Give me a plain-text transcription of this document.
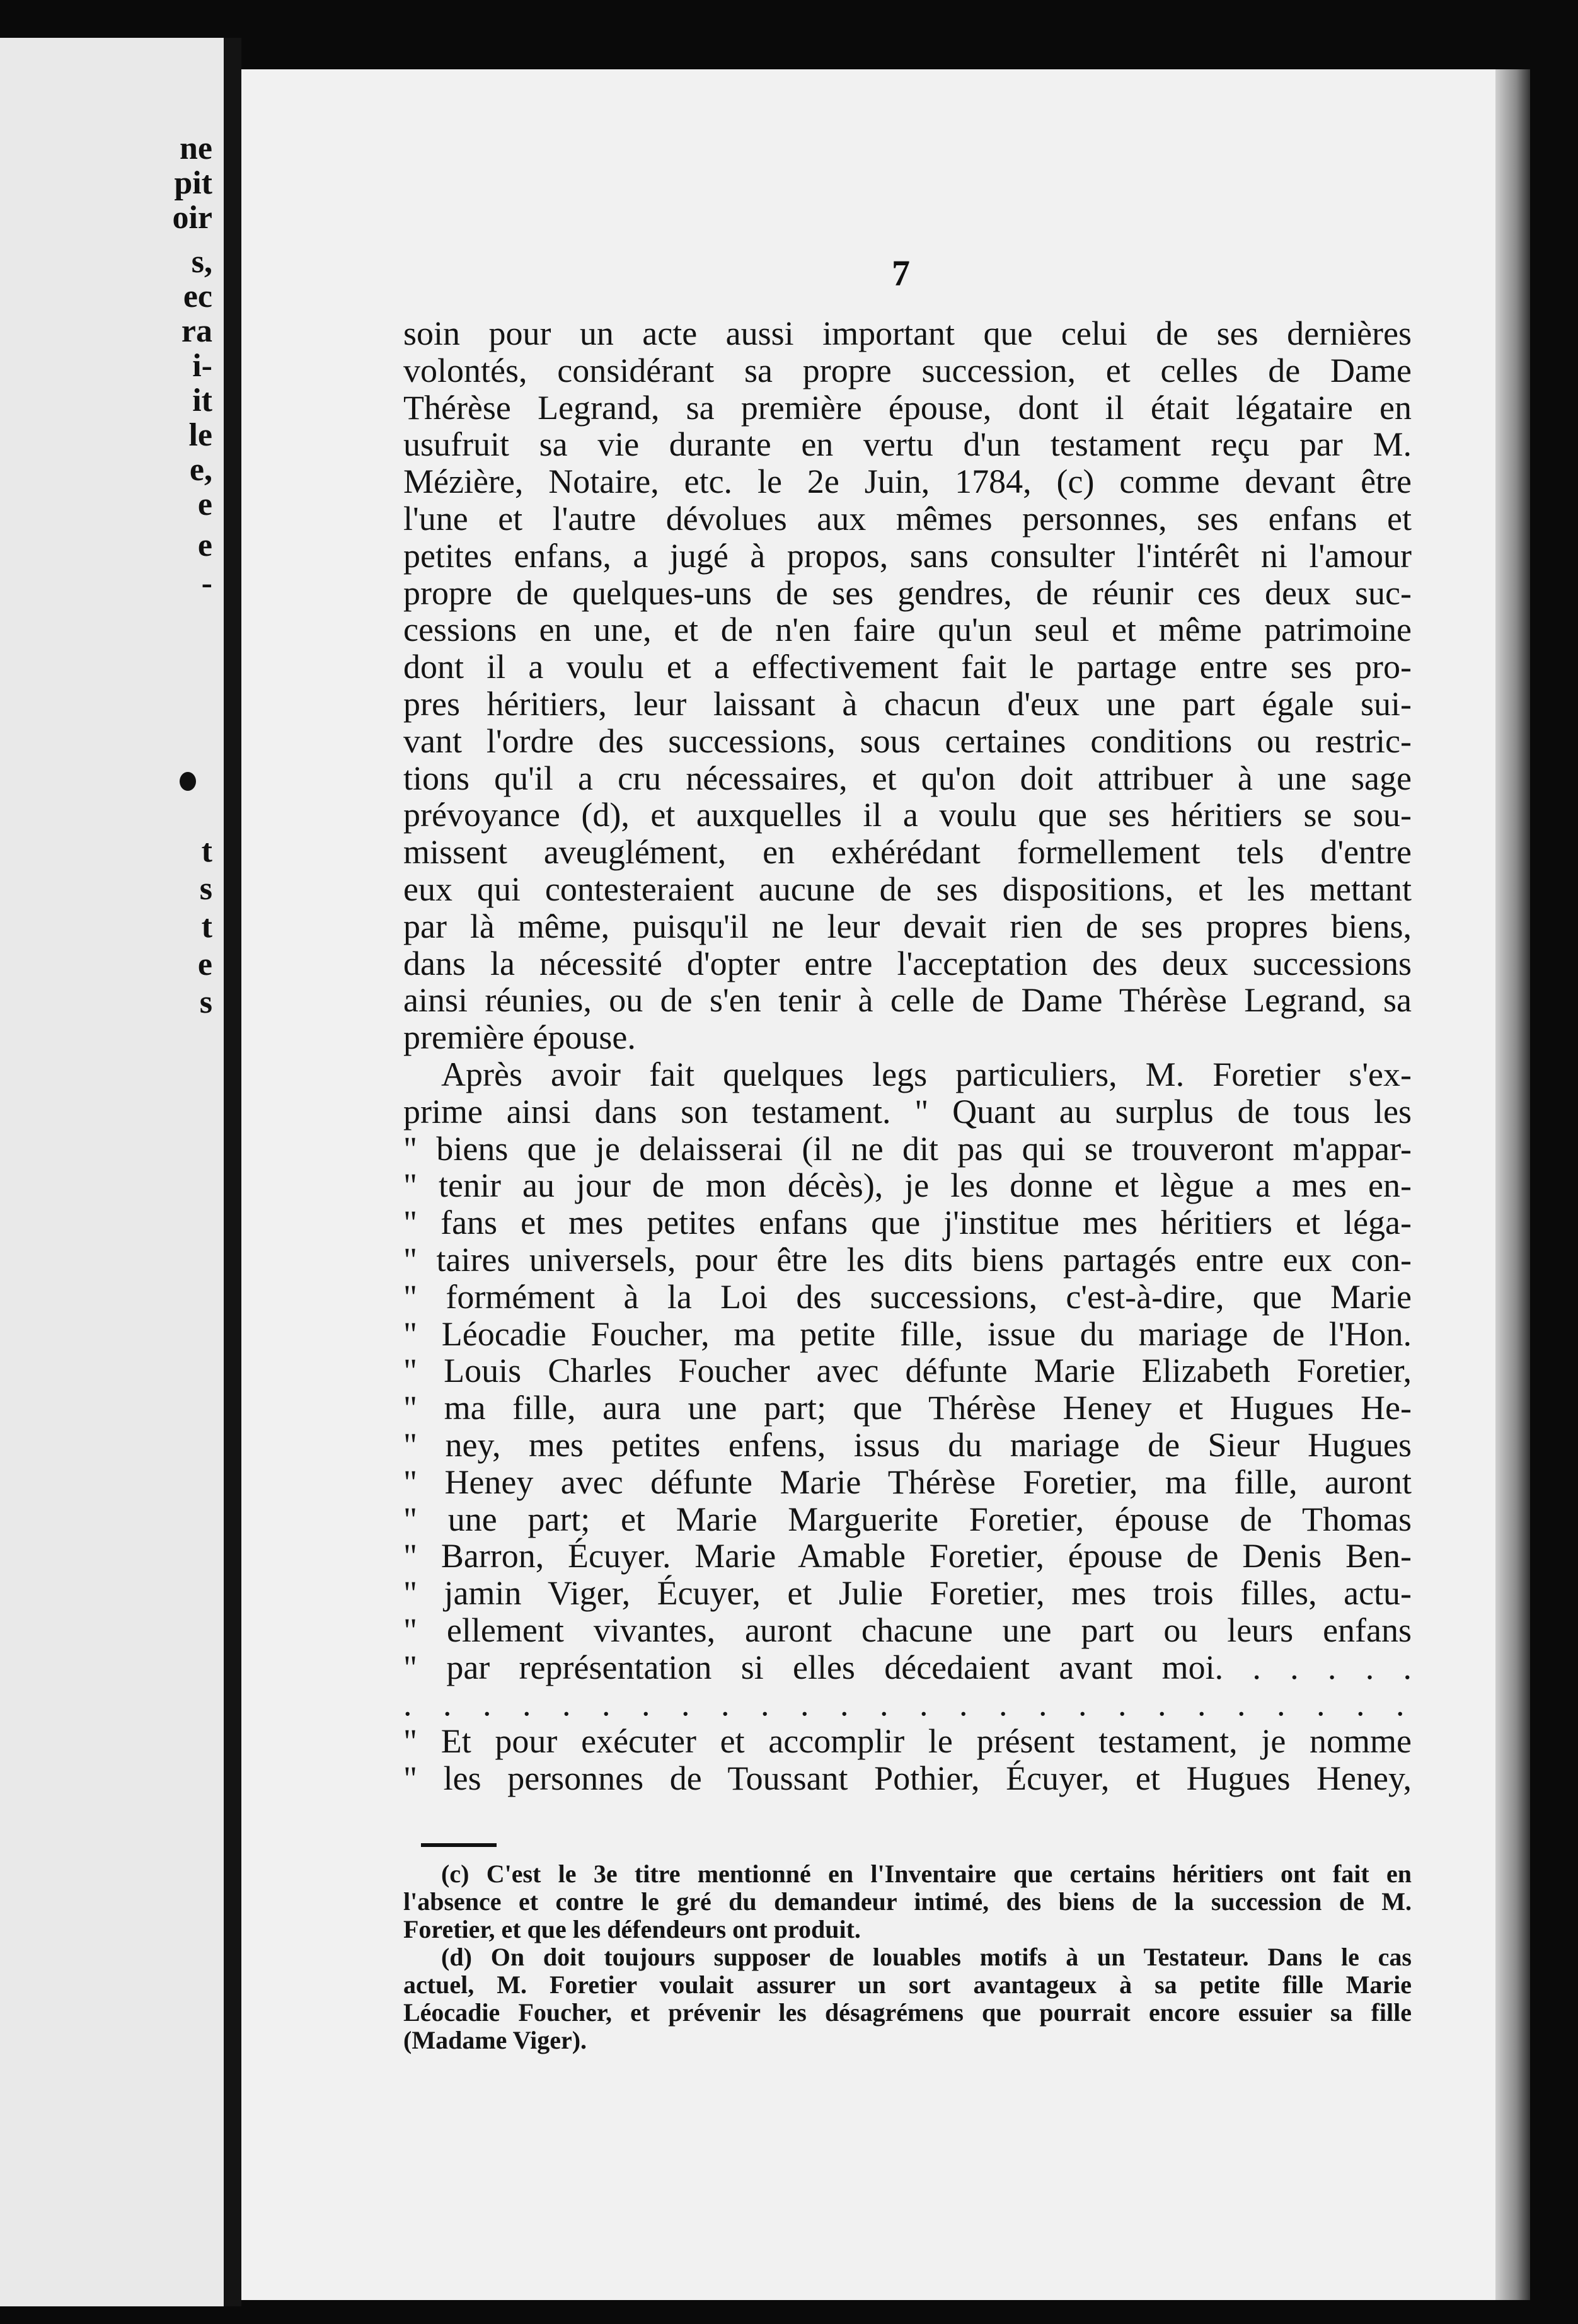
ne
pit
oir
s,
ec
ra
i-
it
le
e,
e
e
-
t
s
t
e
s
7
soin pour un acte aussi important que celui de ses dernières
volontés, considérant sa propre succession, et celles de Dame
Thérèse Legrand, sa première épouse, dont il était légataire en
usufruit sa vie durante en vertu d'un testament reçu par M.
Mézière, Notaire, etc. le 2e Juin, 1784, (c) comme devant être
l'une et l'autre dévolues aux mêmes personnes, ses enfans et
petites enfans, a jugé à propos, sans consulter l'intérêt ni l'amour
propre de quelques-uns de ses gendres, de réunir ces deux suc-
cessions en une, et de n'en faire qu'un seul et même patrimoine
dont il a voulu et a effectivement fait le partage entre ses pro-
pres héritiers, leur laissant à chacun d'eux une part égale sui-
vant l'ordre des successions, sous certaines conditions ou restric-
tions qu'il a cru nécessaires, et qu'on doit attribuer à une sage
prévoyance (d), et auxquelles il a voulu que ses héritiers se sou-
missent aveuglément, en exhérédant formellement tels d'entre
eux qui contesteraient aucune de ses dispositions, et les mettant
par là même, puisqu'il ne leur devait rien de ses propres biens,
dans la nécessité d'opter entre l'acceptation des deux successions
ainsi réunies, ou de s'en tenir à celle de Dame Thérèse Legrand, sa
première épouse.
Après avoir fait quelques legs particuliers, M. Foretier s'ex-
prime ainsi dans son testament. " Quant au surplus de tous les
" biens que je delaisserai (il ne dit pas qui se trouveront m'appar-
" tenir au jour de mon décès), je les donne et lègue a mes en-
" fans et mes petites enfans que j'institue mes héritiers et léga-
" taires universels, pour être les dits biens partagés entre eux con-
" formément à la Loi des successions, c'est-à-dire, que Marie
" Léocadie Foucher, ma petite fille, issue du mariage de l'Hon.
" Louis Charles Foucher avec défunte Marie Elizabeth Foretier,
" ma fille, aura une part; que Thérèse Heney et Hugues He-
" ney, mes petites enfens, issus du mariage de Sieur Hugues
" Heney avec défunte Marie Thérèse Foretier, ma fille, auront
" une part; et Marie Marguerite Foretier, épouse de Thomas
" Barron, Écuyer. Marie Amable Foretier, épouse de Denis Ben-
" jamin Viger, Écuyer, et Julie Foretier, mes trois filles, actu-
" ellement vivantes, auront chacune une part ou leurs enfans
" par représentation si elles décedaient avant moi. . . . . .
. . . . . . . . . . . . . . . . . . . . . . . . . .
" Et pour exécuter et accomplir le présent testament, je nomme
" les personnes de Toussant Pothier, Écuyer, et Hugues Heney,
(c) C'est le 3e titre mentionné en l'Inventaire que certains héritiers ont fait en
l'absence et contre le gré du demandeur intimé, des biens de la succession de M.
Foretier, et que les défendeurs ont produit.
(d) On doit toujours supposer de louables motifs à un Testateur. Dans le cas
actuel, M. Foretier voulait assurer un sort avantageux à sa petite fille Marie
Léocadie Foucher, et prévenir les désagrémens que pourrait encore essuier sa fille
(Madame Viger).
